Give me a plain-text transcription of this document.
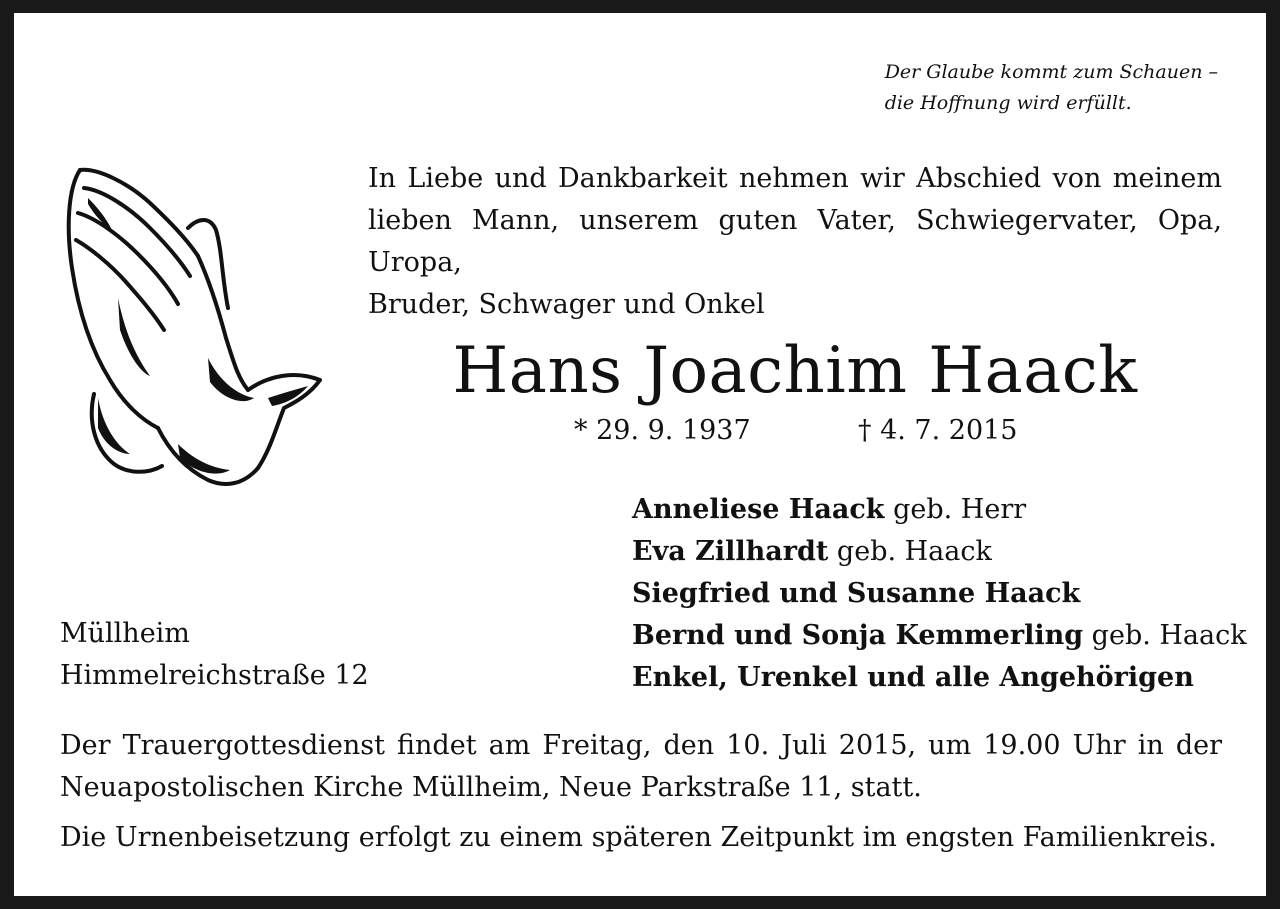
Der Glaube kommt zum Schauen –
die Hoffnung wird erfüllt.
In Liebe und Dankbarkeit nehmen wir Abschied von meinem
lieben Mann, unserem guten Vater, Schwiegervater, Opa, Uropa,
Bruder, Schwager und Onkel
Hans Joachim Haack
* 29. 9. 1937	† 4. 7. 2015
Anneliese Haack geb. Herr
Eva Zillhardt geb. Haack
Siegfried und Susanne Haack
Bernd und Sonja Kemmerling geb. Haack
Enkel, Urenkel und alle Angehörigen
Müllheim
Himmelreichstraße 12
Der Trauergottesdienst findet am Freitag, den 10. Juli 2015, um 19.00 Uhr in der
Neuapostolischen Kirche Müllheim, Neue Parkstraße 11, statt.
Die Urnenbeisetzung erfolgt zu einem späteren Zeitpunkt im engsten Familienkreis.
